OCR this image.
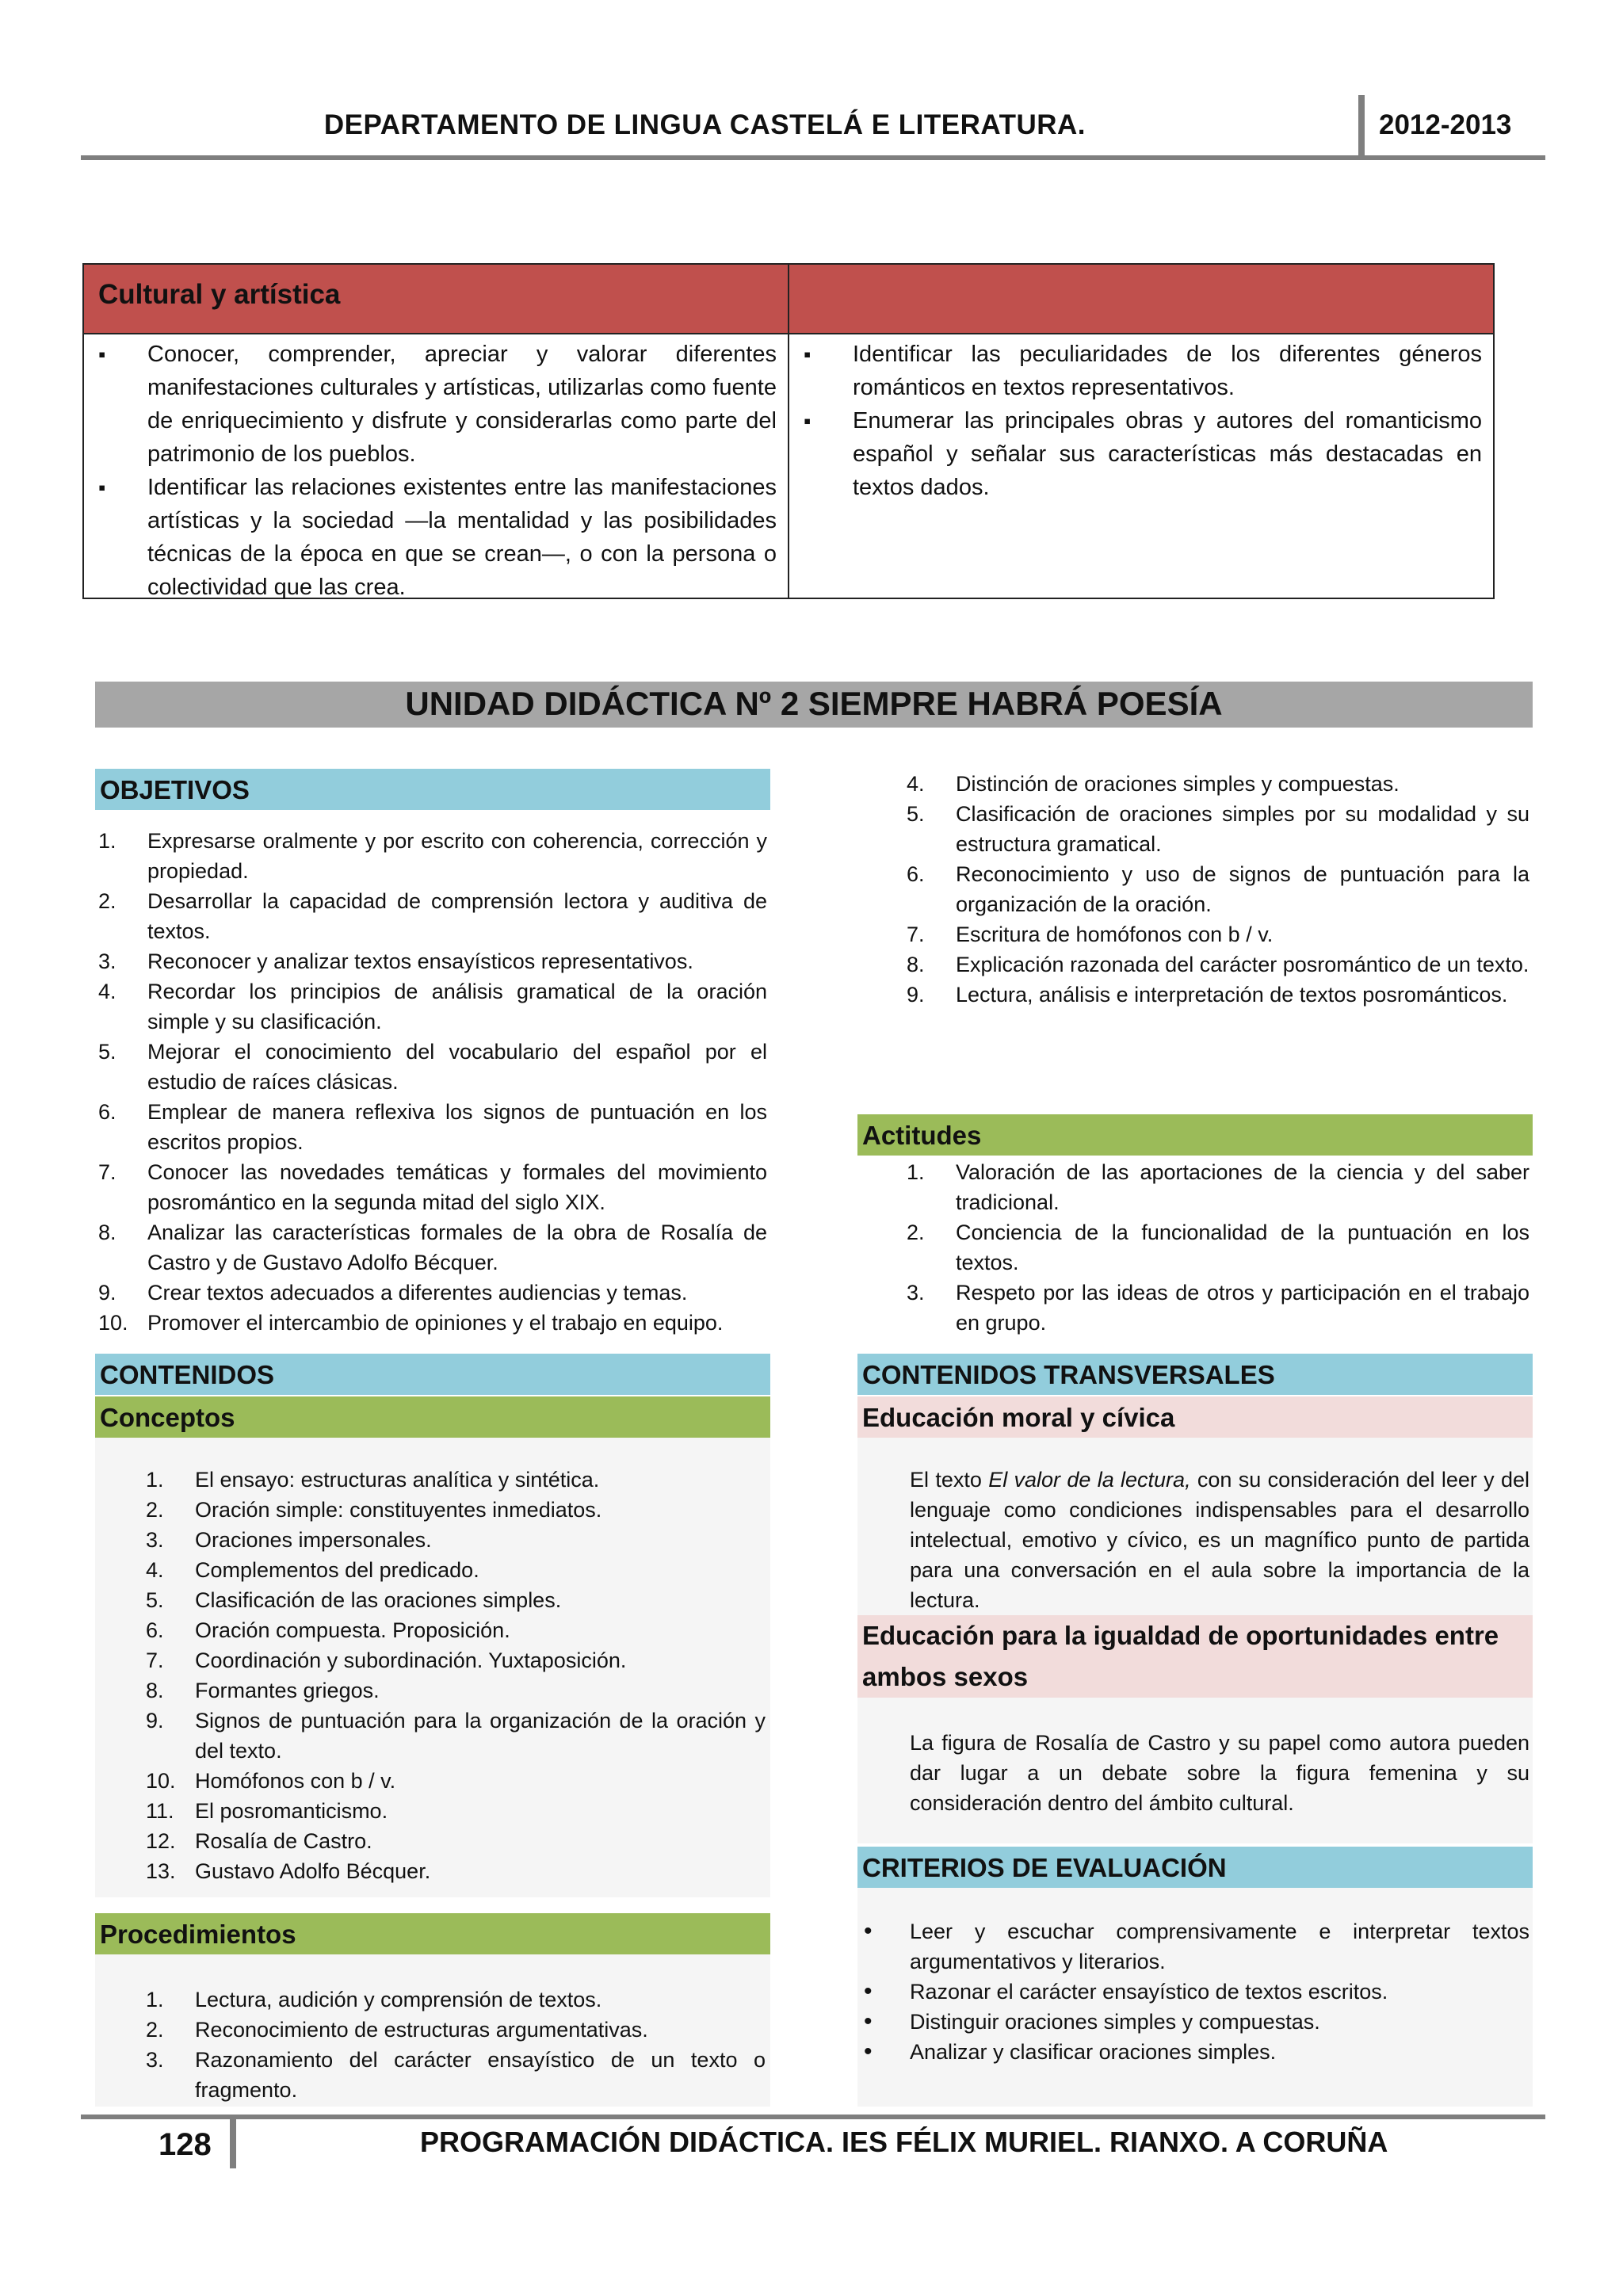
DEPARTAMENTO DE LINGUA CASTELÁ E LITERATURA.	2012-2013
Cultural y artística
▪ Conocer, comprender, apreciar y valorar diferentes manifestaciones culturales y artísticas, utilizarlas como fuente de enriquecimiento y disfrute y considerarlas como parte del patrimonio de los pueblos.
▪ Identificar las relaciones existentes entre las manifestaciones artísticas y la sociedad —la mentalidad y las posibilidades técnicas de la época en que se crean—, o con la persona o colectividad que las crea.
▪ Identificar las peculiaridades de los diferentes géneros románticos en textos representativos.
▪ Enumerar las principales obras y autores del romanticismo español y señalar sus características más destacadas en textos dados.
UNIDAD DIDÁCTICA Nº 2 SIEMPRE HABRÁ POESÍA
OBJETIVOS
1. Expresarse oralmente y por escrito con coherencia, corrección y propiedad.
2. Desarrollar la capacidad de comprensión lectora y auditiva de textos.
3. Reconocer y analizar textos ensayísticos representativos.
4. Recordar los principios de análisis gramatical de la oración simple y su clasificación.
5. Mejorar el conocimiento del vocabulario del español por el estudio de raíces clásicas.
6. Emplear de manera reflexiva los signos de puntuación en los escritos propios.
7. Conocer las novedades temáticas y formales del movimiento posromántico en la segunda mitad del siglo XIX.
8. Analizar las características formales de la obra de Rosalía de Castro y de Gustavo Adolfo Bécquer.
9. Crear textos adecuados a diferentes audiencias y temas.
10. Promover el intercambio de opiniones y el trabajo en equipo.
CONTENIDOS
Conceptos
1. El ensayo: estructuras analítica y sintética.
2. Oración simple: constituyentes inmediatos.
3. Oraciones impersonales.
4. Complementos del predicado.
5. Clasificación de las oraciones simples.
6. Oración compuesta. Proposición.
7. Coordinación y subordinación. Yuxtaposición.
8. Formantes griegos.
9. Signos de puntuación para la organización de la oración y del texto.
10. Homófonos con b / v.
11. El posromanticismo.
12. Rosalía de Castro.
13. Gustavo Adolfo Bécquer.
Procedimientos
1. Lectura, audición y comprensión de textos.
2. Reconocimiento de estructuras argumentativas.
3. Razonamiento del carácter ensayístico de un texto o fragmento.
4. Distinción de oraciones simples y compuestas.
5. Clasificación de oraciones simples por su modalidad y su estructura gramatical.
6. Reconocimiento y uso de signos de puntuación para la organización de la oración.
7. Escritura de homófonos con b / v.
8. Explicación razonada del carácter posromántico de un texto.
9. Lectura, análisis e interpretación de textos posrománticos.
Actitudes
1. Valoración de las aportaciones de la ciencia y del saber tradicional.
2. Conciencia de la funcionalidad de la puntuación en los textos.
3. Respeto por las ideas de otros y participación en el trabajo en grupo.
CONTENIDOS TRANSVERSALES
Educación moral y cívica
El texto El valor de la lectura, con su consideración del leer y del lenguaje como condiciones indispensables para el desarrollo intelectual, emotivo y cívico, es un magnífico punto de partida para una conversación en el aula sobre la importancia de la lectura.
Educación para la igualdad de oportunidades entre ambos sexos
La figura de Rosalía de Castro y su papel como autora pueden dar lugar a un debate sobre la figura femenina y su consideración dentro del ámbito cultural.
CRITERIOS DE EVALUACIÓN
• Leer y escuchar comprensivamente e interpretar textos argumentativos y literarios.
• Razonar el carácter ensayístico de textos escritos.
• Distinguir oraciones simples y compuestas.
• Analizar y clasificar oraciones simples.
128	PROGRAMACIÓN DIDÁCTICA. IES FÉLIX MURIEL. RIANXO. A CORUÑA
